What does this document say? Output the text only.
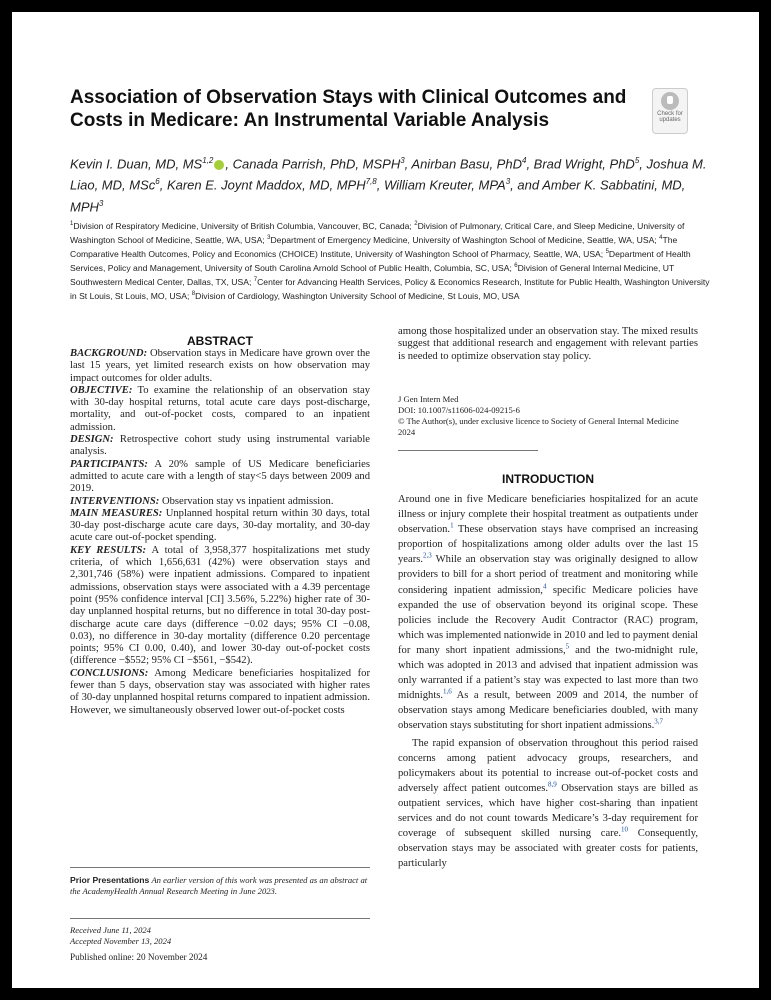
Association of Observation Stays with Clinical Outcomes and Costs in Medicare: An Instrumental Variable Analysis	Check for
updates

Kevin I. Duan, MD, MS$^{1,2}$ , Canada Parrish, PhD, MSPH$^3$, Anirban Basu, PhD$^4$, Brad Wright, PhD$^5$, Joshua M. Liao, MD, MSc$^6$, Karen E. Joynt Maddox, MD, MPH$^{7,8}$, William Kreuter, MPA$^3$, and Amber K. Sabbatini, MD, MPH$^3$

$^1$Division of Respiratory Medicine, University of British Columbia, Vancouver, BC, Canada; $^2$Division of Pulmonary, Critical Care, and Sleep Medicine, University of Washington School of Medicine, Seattle, WA, USA; $^3$Department of Emergency Medicine, University of Washington School of Medicine, Seattle, WA, USA; $^4$The Comparative Health Outcomes, Policy and Economics (CHOICE) Institute, University of Washington School of Pharmacy, Seattle, WA, USA; $^5$Department of Health Services, Policy and Management, University of South Carolina Arnold School of Public Health, Columbia, SC, USA; $^6$Division of General Internal Medicine, UT Southwestern Medical Center, Dallas, TX, USA; $^7$Center for Advancing Health Services, Policy & Economics Research, Institute for Public Health, Washington University in St Louis, St Louis, MO, USA; $^8$Division of Cardiology, Washington University School of Medicine, St Louis, MO, USA

ABSTRACT

BACKGROUND: Observation stays in Medicare have grown over the last 15 years, yet limited research exists on how observation may impact outcomes for older adults.

OBJECTIVE: To examine the relationship of an observation stay with 30-day hospital returns, total acute care days post-discharge, mortality, and out-of-pocket costs, compared to an inpatient admission.

DESIGN: Retrospective cohort study using instrumental variable analysis.

PARTICIPANTS: A 20% sample of US Medicare beneficiaries admitted to acute care with a length of stay<5 days between 2009 and 2019.

INTERVENTIONS: Observation stay vs inpatient admission.

MAIN MEASURES: Unplanned hospital return within 30 days, total 30-day post-discharge acute care days, 30-day mortality, and 30-day acute care out-of-pocket spending.

KEY RESULTS: A total of 3,958,377 hospitalizations met study criteria, of which 1,656,631 (42%) were observation stays and 2,301,746 (58%) were inpatient admissions. Compared to inpatient admissions, observation stays were associated with a 4.39 percentage point (95% confidence interval [CI] 3.56%, 5.22%) higher rate of 30-day unplanned hospital returns, but no difference in total 30-day post-discharge acute care days (difference −0.02 days; 95% CI −0.08, 0.03), no difference in 30-day mortality (difference 0.20 percentage points; 95% CI 0.00, 0.40), and lower 30-day out-of-pocket costs (difference −$552; 95% CI −$561, −$542).

CONCLUSIONS: Among Medicare beneficiaries hospitalized for fewer than 5 days, observation stay was associated with higher rates of 30-day unplanned hospital returns compared to inpatient admission. However, we simultaneously observed lower out-of-pocket costs

Prior Presentations An earlier version of this work was presented as an abstract at the AcademyHealth Annual Research Meeting in June 2023.

Received June 11, 2024
Accepted November 13, 2024

Published online: 20 November 2024

among those hospitalized under an observation stay. The mixed results suggest that additional research and engagement with relevant parties is needed to optimize observation stay policy.

J Gen Intern Med
DOI: 10.1007/s11606-024-09215-6
© The Author(s), under exclusive licence to Society of General Internal Medicine 2024
INTRODUCTION

Around one in five Medicare beneficiaries hospitalized for an acute illness or injury complete their hospital treatment as outpatients under observation.$^1$ These observation stays have comprised an increasing proportion of hospitalizations among older adults over the last 15 years.$^{2,3}$ While an observation stay was originally designed to allow providers to bill for a short period of treatment and monitoring while considering inpatient admission,$^4$ specific Medicare policies have expanded the use of observation beyond its original scope. These policies include the Recovery Audit Contractor (RAC) program, which was implemented nationwide in 2010 and led to payment denial for many short inpatient admissions,$^5$ and the two-midnight rule, which was adopted in 2013 and advised that inpatient admission was only warranted if a patient’s stay was expected to last more than two midnights.$^{1,6}$ As a result, between 2009 and 2014, the number of observation stays among Medicare beneficiaries doubled, with many observation stays substituting for short inpatient admissions.$^{3,7}$

The rapid expansion of observation throughout this period raised concerns among patient advocacy groups, researchers, and policymakers about its potential to increase out-of-pocket costs and adversely affect patient outcomes.$^{8,9}$ Observation stays are billed as outpatient services, which have higher cost-sharing than inpatient services and do not count towards Medicare’s 3-day requirement for coverage of subsequent skilled nursing care.$^{10}$ Consequently, observation stays may be associated with greater costs for patients, particularly
